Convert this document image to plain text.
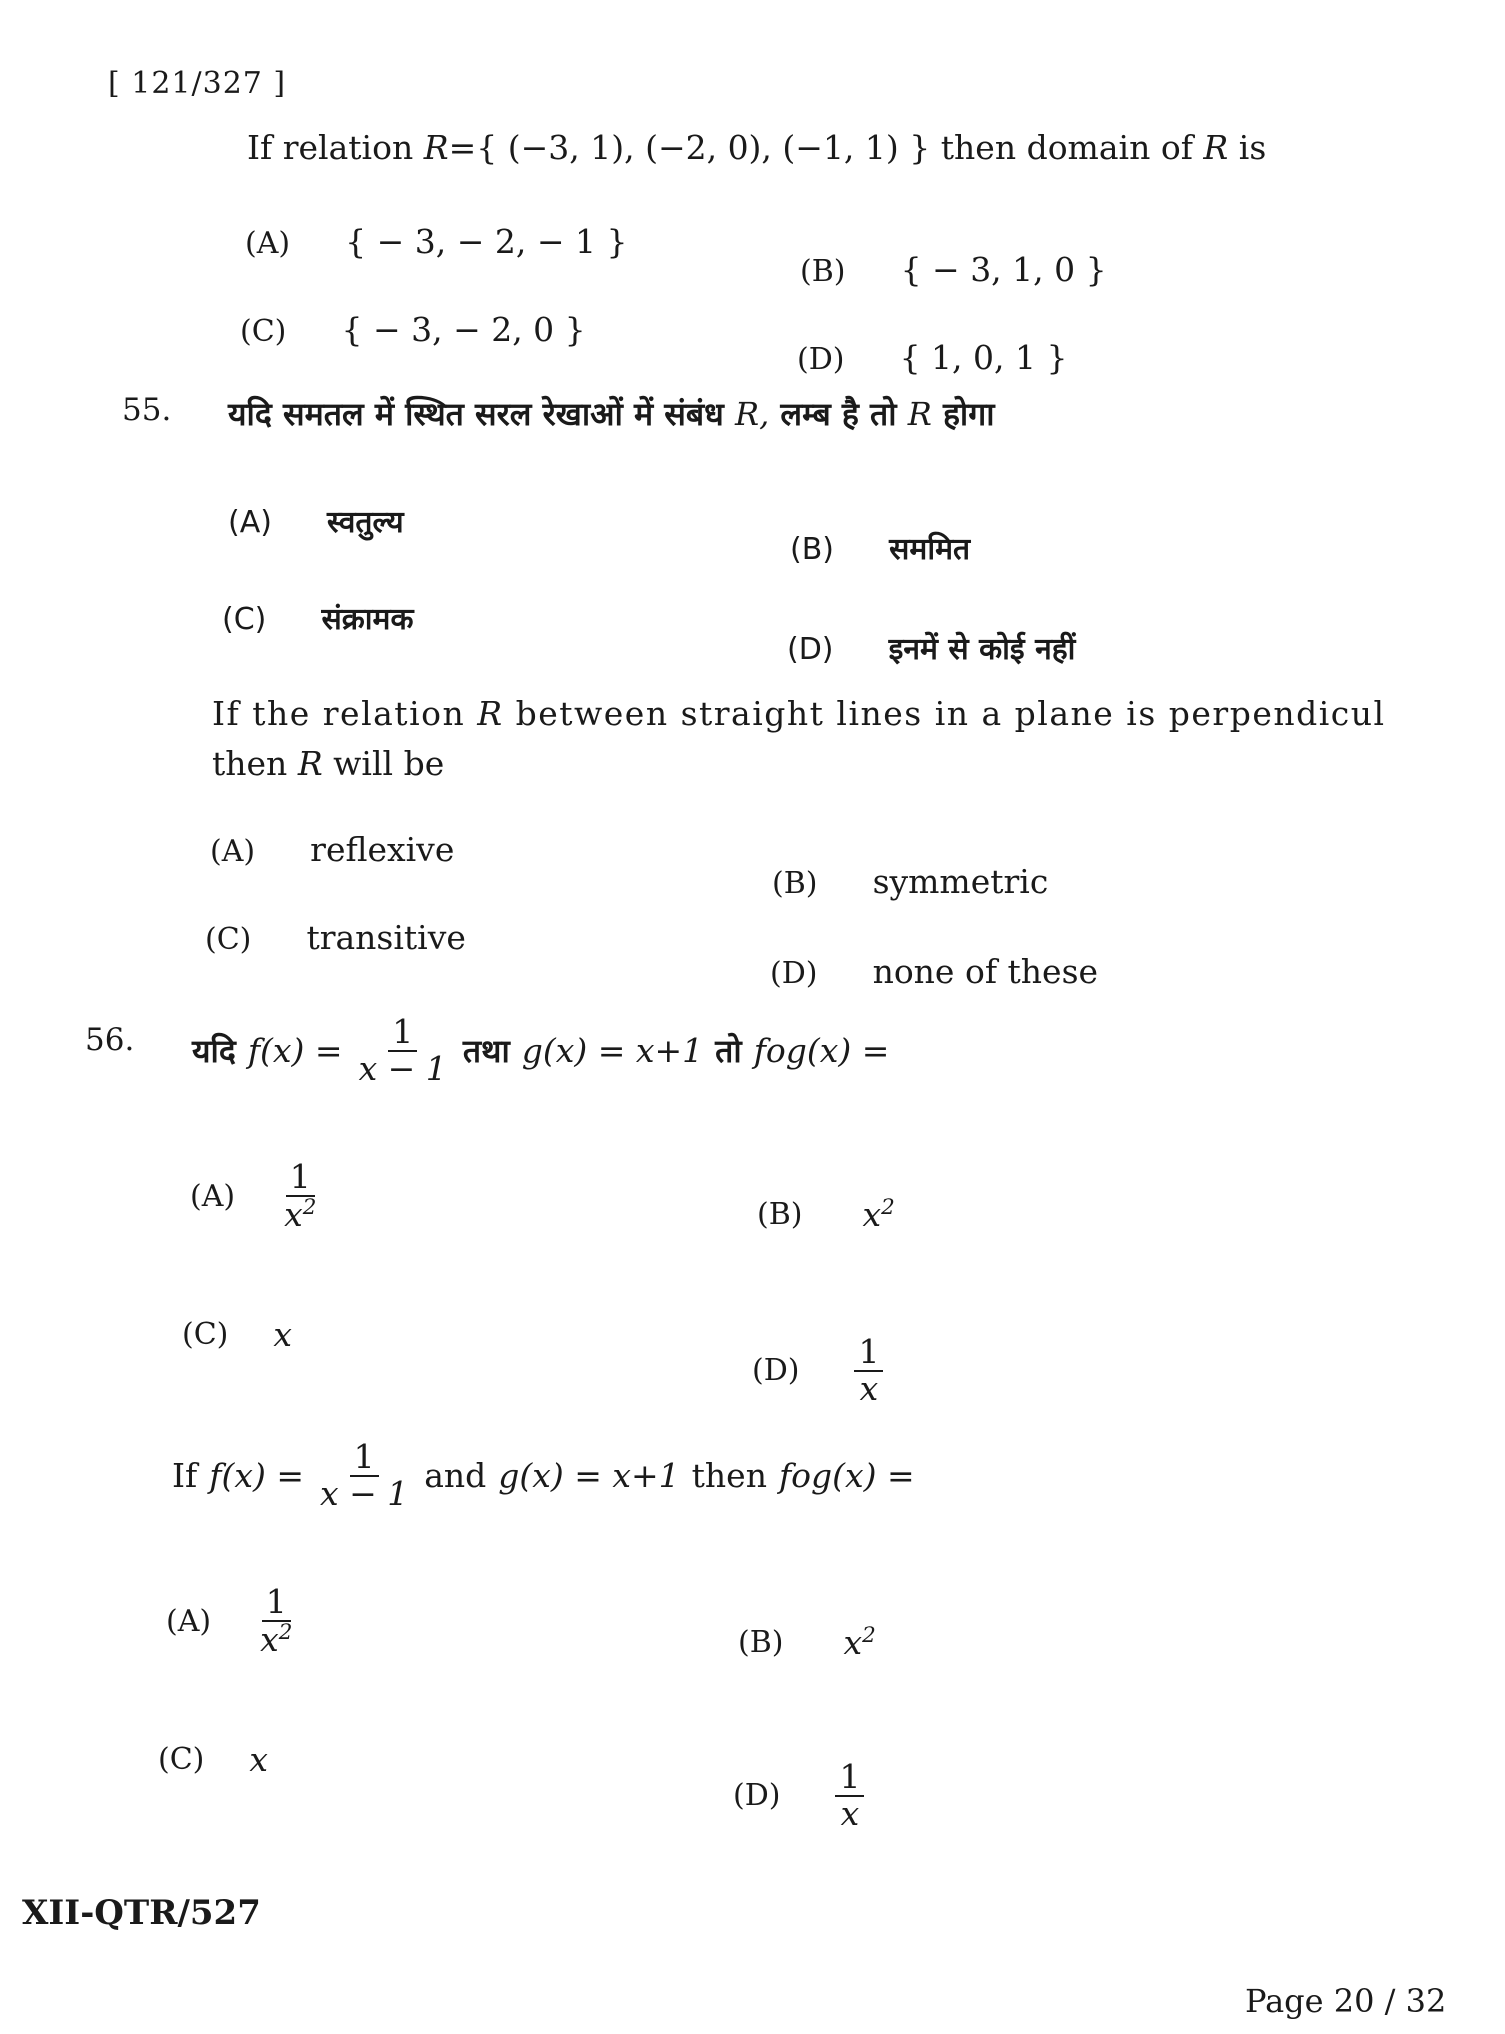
[ 121/327 ]
If relation R={ (−3, 1), (−2, 0), (−1, 1) } then domain of R is
(A) { − 3, − 2, − 1 }
(B) { − 3, 1, 0 }
(C) { − 3, − 2, 0 }
(D) { 1, 0, 1 }
55. यदि समतल में स्थित सरल रेखाओं में संबंध R, लम्ब है तो R होगा
(A) स्वतुल्य
(B) सममित
(C) संक्रामक
(D) इनमें से कोई नहीं
If the relation R between straight lines in a plane is perpendicul
then R will be
(A) reflexive
(B) symmetric
(C) transitive
(D) none of these
56. यदि $f(x) = \frac{1}{x - 1}$ तथा g(x) = x+1 तो fog(x) =
$(A) \frac{1}{x^2}$	(B) $x^2$
(C) x
$(D) \frac{1}{x}$
If $f(x) = \frac{1}{x - 1}$ and g(x) = x+1 then fog(x) =
$(A) \frac{1}{x^2}$	(B) $x^2$
(C) x
$(D) \frac{1}{x}$
XII-QTR/527
Page 20 / 32
